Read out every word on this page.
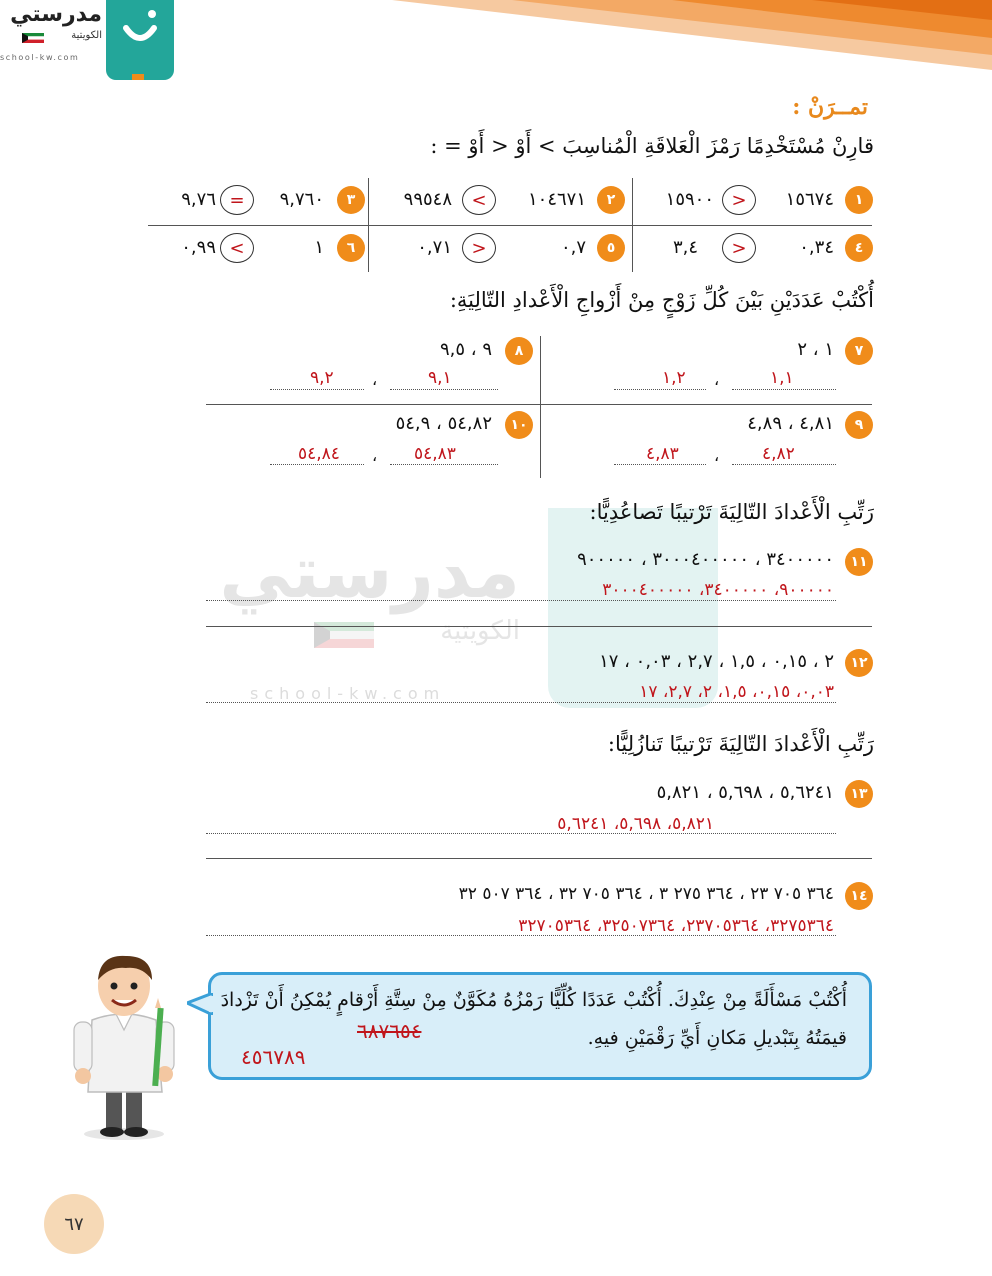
مدرستي
الكويتية
school-kw.com
مدرستي
الكويتية
school-kw.com
تمــرَنْ :
قارِنْ مُسْتَخْدِمًا رَمْزَ الْعَلاقَةِ الْمُناسِبَ > أَوْ < أَوْ = :
١
١٥٦٧٤
>
١٥٩٠٠
٢
١٠٤٦٧١
<
٩٩٥٤٨
٣
٩,٧٦٠
=
٩,٧٦
٤
٠,٣٤
>
٣,٤
٥
٠,٧
>
٠,٧١
٦
١
<
٠,٩٩
أُكْتُبْ عَدَدَيْنِ بَيْنَ كُلِّ زَوْجٍ مِنْ أَزْواجِ الْأَعْدادِ التّالِيَةِ:
٧
١ ، ٢
١,١
،
١,٢
٨
٩ ، ٩,٥
٩,١
،
٩,٢
٩
٤,٨١ ، ٤,٨٩
٤,٨٢
،
٤,٨٣
١٠
٥٤,٨٢ ، ٥٤,٩
٥٤,٨٣
،
٥٤,٨٤
رَتِّبِ الْأَعْدادَ التّالِيَةَ تَرْتيبًا تَصاعُدِيًّا:
١١
٣٤٠٠٠٠٠ ، ٣٠٠٠٤٠٠٠٠٠ ، ٩٠٠٠٠٠
٩٠٠٠٠٠، ٣٤٠٠٠٠٠، ٣٠٠٠٤٠٠٠٠٠
١٢
٢ ، ٠,١٥ ، ١,٥ ، ٢,٧ ، ٠,٠٣ ، ١٧
٠,٠٣، ٠,١٥، ١,٥، ٢، ٢,٧، ١٧
رَتِّبِ الْأَعْدادَ التّالِيَةَ تَرْتيبًا تَنازُلِيًّا:
١٣
٥,٦٢٤١ ، ٥,٦٩٨ ، ٥,٨٢١
٥,٨٢١، ٥,٦٩٨، ٥,٦٢٤١
١٤
٣٦٤ ٧٠٥ ٢٣ ، ٣٦٤ ٢٧٥ ٣ ، ٣٦٤ ٧٠٥ ٣٢ ، ٣٦٤ ٥٠٧ ٣٢
٣٢٧٥٣٦٤، ٢٣٧٠٥٣٦٤، ٣٢٥٠٧٣٦٤، ٣٢٧٠٥٣٦٤
أُكْتُبْ مَسْأَلَةً مِنْ عِنْدِكَ. أُكْتُبْ عَدَدًا كُلِّيًّا رَمْزُهُ مُكَوَّنٌ مِنْ سِتَّةِ أَرْقامٍ يُمْكِنُ أَنْ تَزْدادَ
قيمَتُهُ بِتَبْديلِ مَكانِ أَيِّ رَقْمَيْنِ فيهِ.
٦٨٧٦٥٤
٤٥٦٧٨٩
٦٧
